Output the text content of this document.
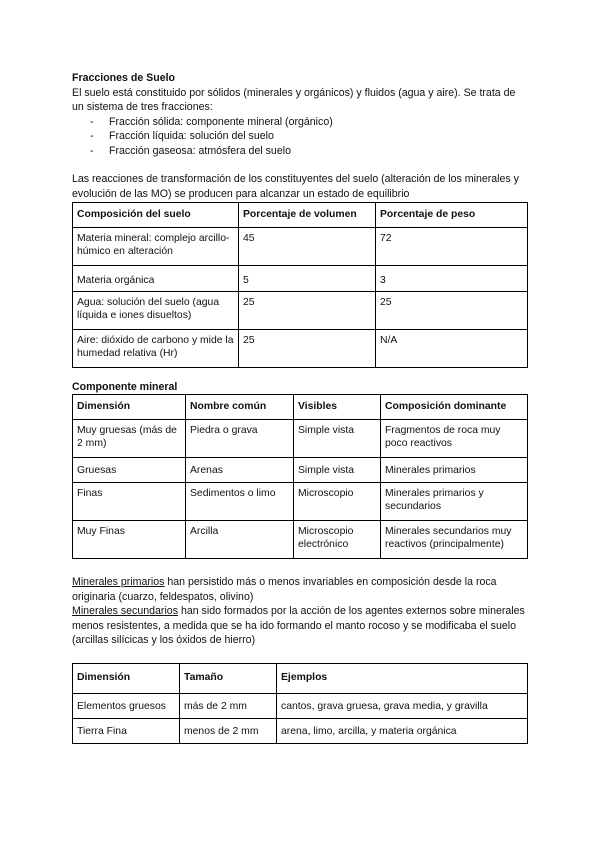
Fracciones de Suelo

El suelo está constituido por sólidos (minerales y orgánicos) y fluidos (agua y aire). Se trata de un sistema de tres fracciones:

-	Fracción sólida: componente mineral (orgánico)
-	Fracción líquida: solución del suelo
-	Fracción gaseosa: atmósfera del suelo

Las reacciones de transformación de los constituyentes del suelo (alteración de los minerales y evolución de las MO) se producen para alcanzar un estado de equilibrio

Composición del suelo	Porcentaje de volumen	Porcentaje de peso
Materia mineral: complejo arcillo-húmico en alteración	45	72
Materia orgánica	5	3
Agua: solución del suelo (agua líquida e iones disueltos)	25	25
Aire: dióxido de carbono y mide la humedad relativa (Hr)	25	N/A
Componente mineral
Dimensión	Nombre común	Visibles	Composición dominante
Muy gruesas (más de 2 mm)	Piedra o grava	Simple vista	Fragmentos de roca muy poco reactivos
Gruesas	Arenas	Simple vista	Minerales primarios
Finas	Sedimentos o limo	Microscopio	Minerales primarios y secundarios
Muy Finas	Arcilla	Microscopio electrónico	Minerales secundarios muy reactivos (principalmente)

Minerales primarios han persistido más o menos invariables en composición desde la roca originaria (cuarzo, feldespatos, olivino)

Minerales secundarios han sido formados por la acción de los agentes externos sobre minerales menos resistentes, a medida que se ha ido formando el manto rocoso y se modificaba el suelo (arcillas silícicas y los óxidos de hierro)

Dimensión	Tamaño	Ejemplos
Elementos gruesos	más de 2 mm	cantos, grava gruesa, grava media, y gravilla
Tierra Fina	menos de 2 mm	arena, limo, arcilla, y materia orgánica
